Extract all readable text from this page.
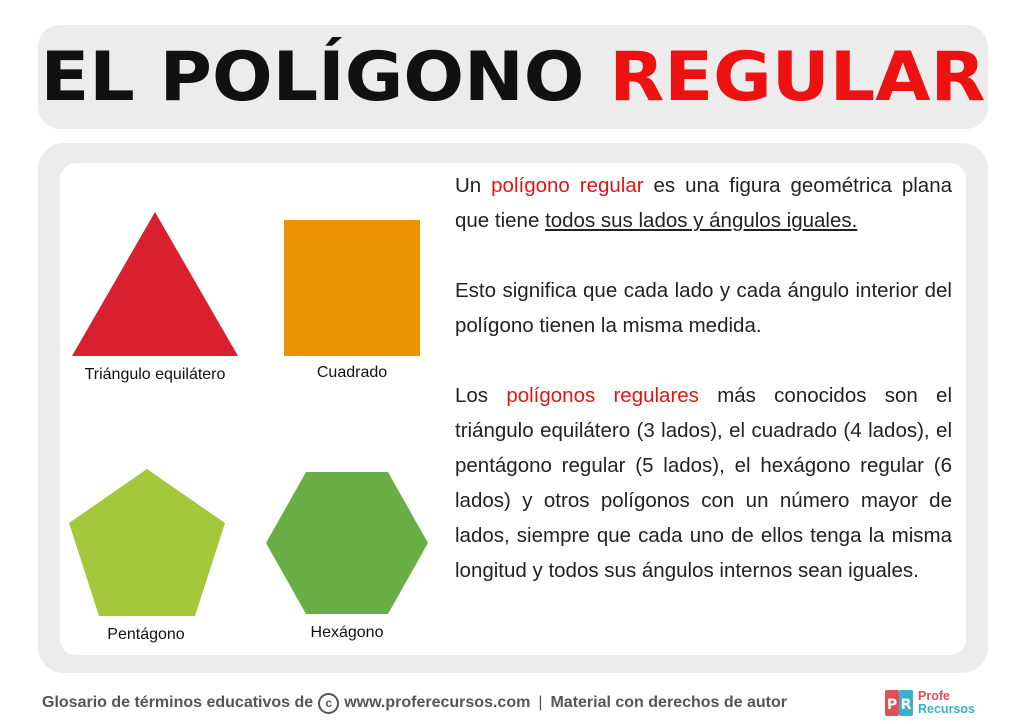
EL POLÍGONO REGULAR
Triángulo equilátero	Cuadrado
Pentágono	Hexágono

Un polígono regular es una figura geométrica plana que tiene todos sus lados y ángulos iguales.

Esto significa que cada lado y cada ángulo interior del polígono tienen la misma medida.

Los polígonos regulares más conocidos son el triángulo equilátero (3 lados), el cuadrado (4 lados), el pentágono regular (5 lados), el hexágono regular (6 lados) y otros polígonos con un número mayor de lados, siempre que cada uno de ellos tenga la misma longitud y todos sus ángulos internos sean iguales.

Glosario de términos educativos de	c www.proferecursos.com | Material con derechos de autor	P R
Profe
Recursos
